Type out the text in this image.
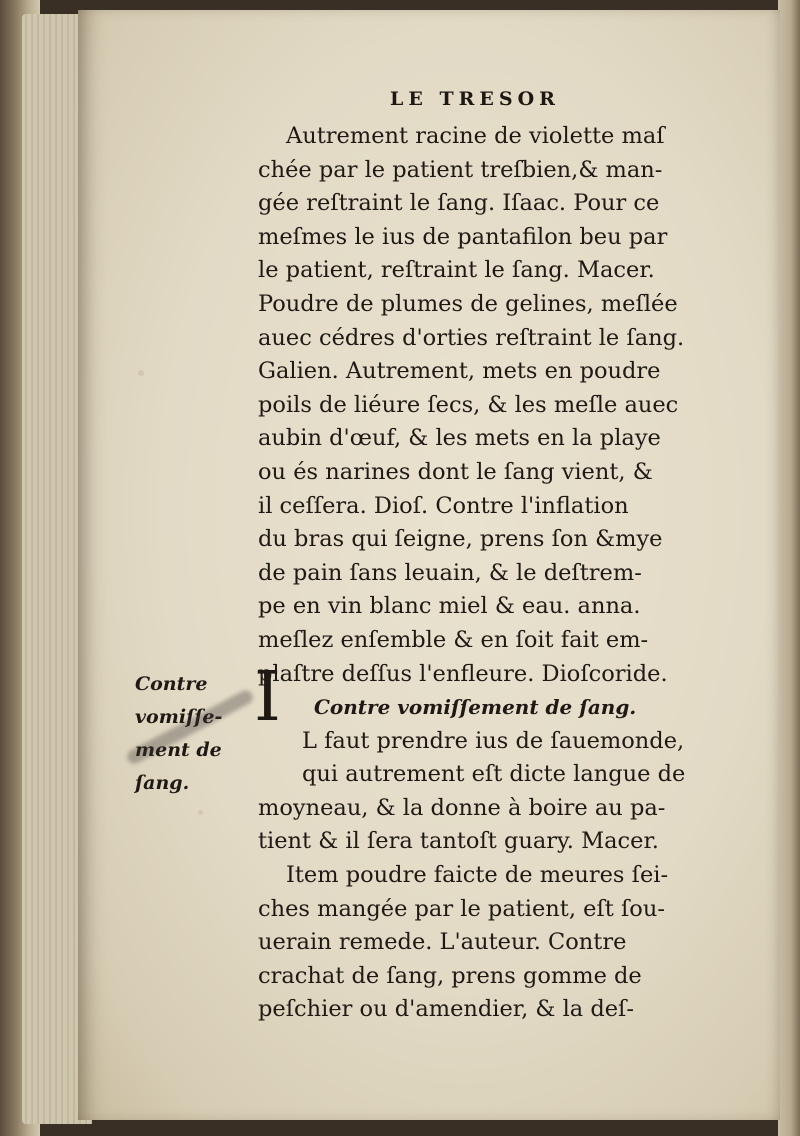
LE TRESOR
Autrement racine de violette maſ
chée par le patient treſbien,& man-
gée reſtraint le ſang. Iſaac. Pour ce
meſmes le ius de pantafilon beu par
le patient, reſtraint le ſang. Macer.
Poudre de plumes de gelines, meſlée
auec cédres d'orties reſtraint le ſang.
Galien. Autrement, mets en poudre
poils de liéure ſecs, & les meſle auec
aubin d'œuf, & les mets en la playe
ou és narines dont le ſang vient, &
il ceſſera. Dioſ. Contre l'inflation
du bras qui ſeigne, prens ſon &mye
de pain ſans leuain, & le deſtrem-
pe en vin blanc miel & eau. anna.
meſlez enſemble & en ſoit fait em-
plaſtre deſſus l'enfleure. Dioſcoride.
Contre vomiſſement de ſang.
L faut prendre ius de ſauemonde,
qui autrement eſt dicte langue de
moyneau, & la donne à boire au pa-
tient & il ſera tantoſt guary. Macer.
Item poudre faicte de meures ſei-
ches mangée par le patient, eſt ſou-
uerain remede. L'auteur. Contre
crachat de ſang, prens gomme de
peſchier ou d'amendier, & la deſ-
I
Contre
vomiſſe-
ment de
ſang.
